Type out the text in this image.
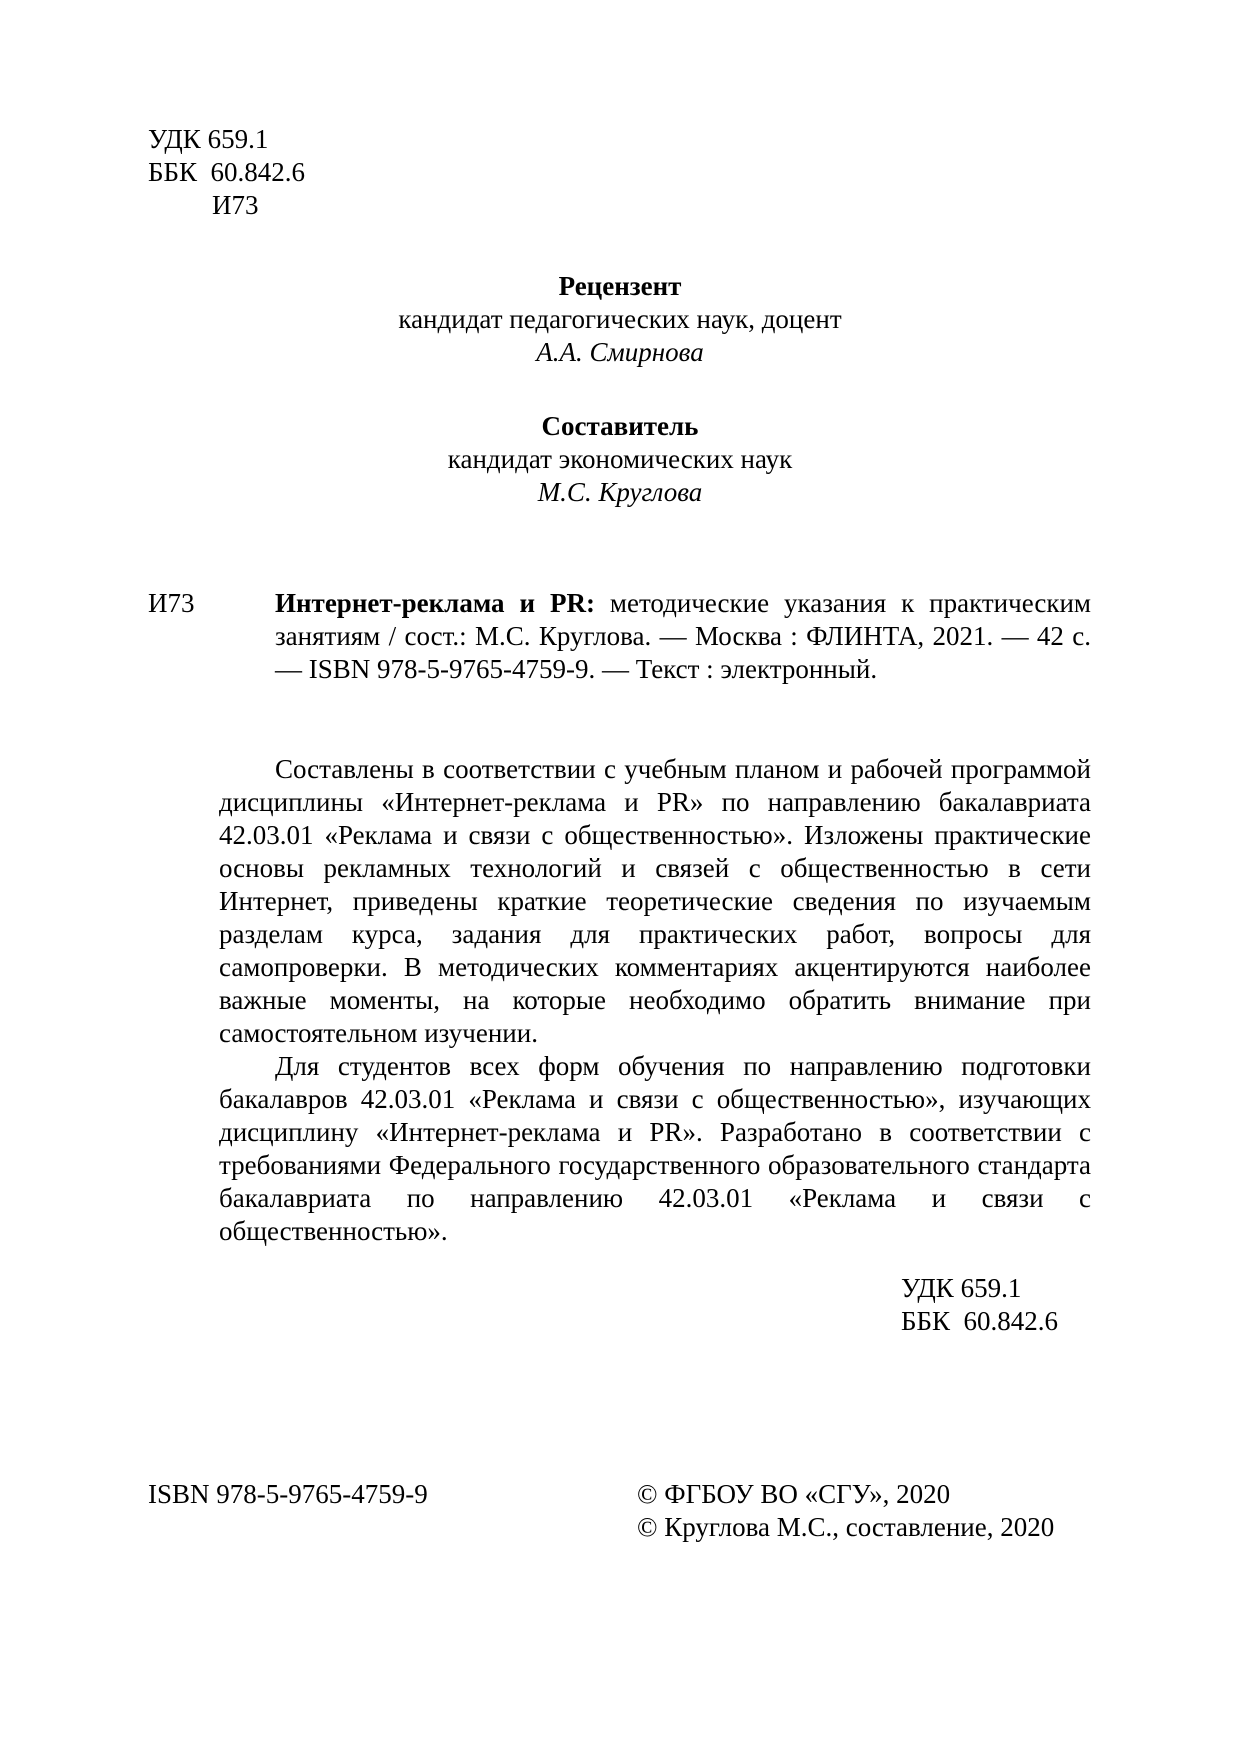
УДК 659.1
ББК  60.842.6
И73
Рецензент
кандидат педагогических наук, доцент
А.А. Смирнова
Составитель
кандидат экономических наук
М.С. Круглова
И73	Интернет-реклама и PR: методические указания к практическим занятиям / сост.: М.С. Круглова. — Москва : ФЛИНТА, 2021. — 42 с. — ISBN 978-5-9765-4759-9. — Текст : электронный.

Составлены в соответствии с учебным планом и рабочей программой дисциплины «Интернет-реклама и PR» по направлению бакалавриата 42.03.01 «Реклама и связи с общественностью». Изложены практические основы рекламных технологий и связей с общественностью в сети Интернет, приведены краткие теоретические сведения по изучаемым разделам курса, задания для практических работ, вопросы для самопроверки. В методических комментариях акцентируются наиболее важные моменты, на которые необходимо обратить внимание при самостоятельном изучении.

Для студентов всех форм обучения по направлению подготовки бакалавров 42.03.01 «Реклама и связи с общественностью», изучающих дисциплину «Интернет-реклама и PR». Разработано в соответствии с требованиями Федерального государственного образовательного стандарта бакалавриата по направлению 42.03.01 «Реклама и связи с общественностью».

УДК 659.1
ББК  60.842.6
ISBN 978-5-9765-4759-9	© ФГБОУ ВО «СГУ», 2020
© Круглова М.С., составление, 2020
